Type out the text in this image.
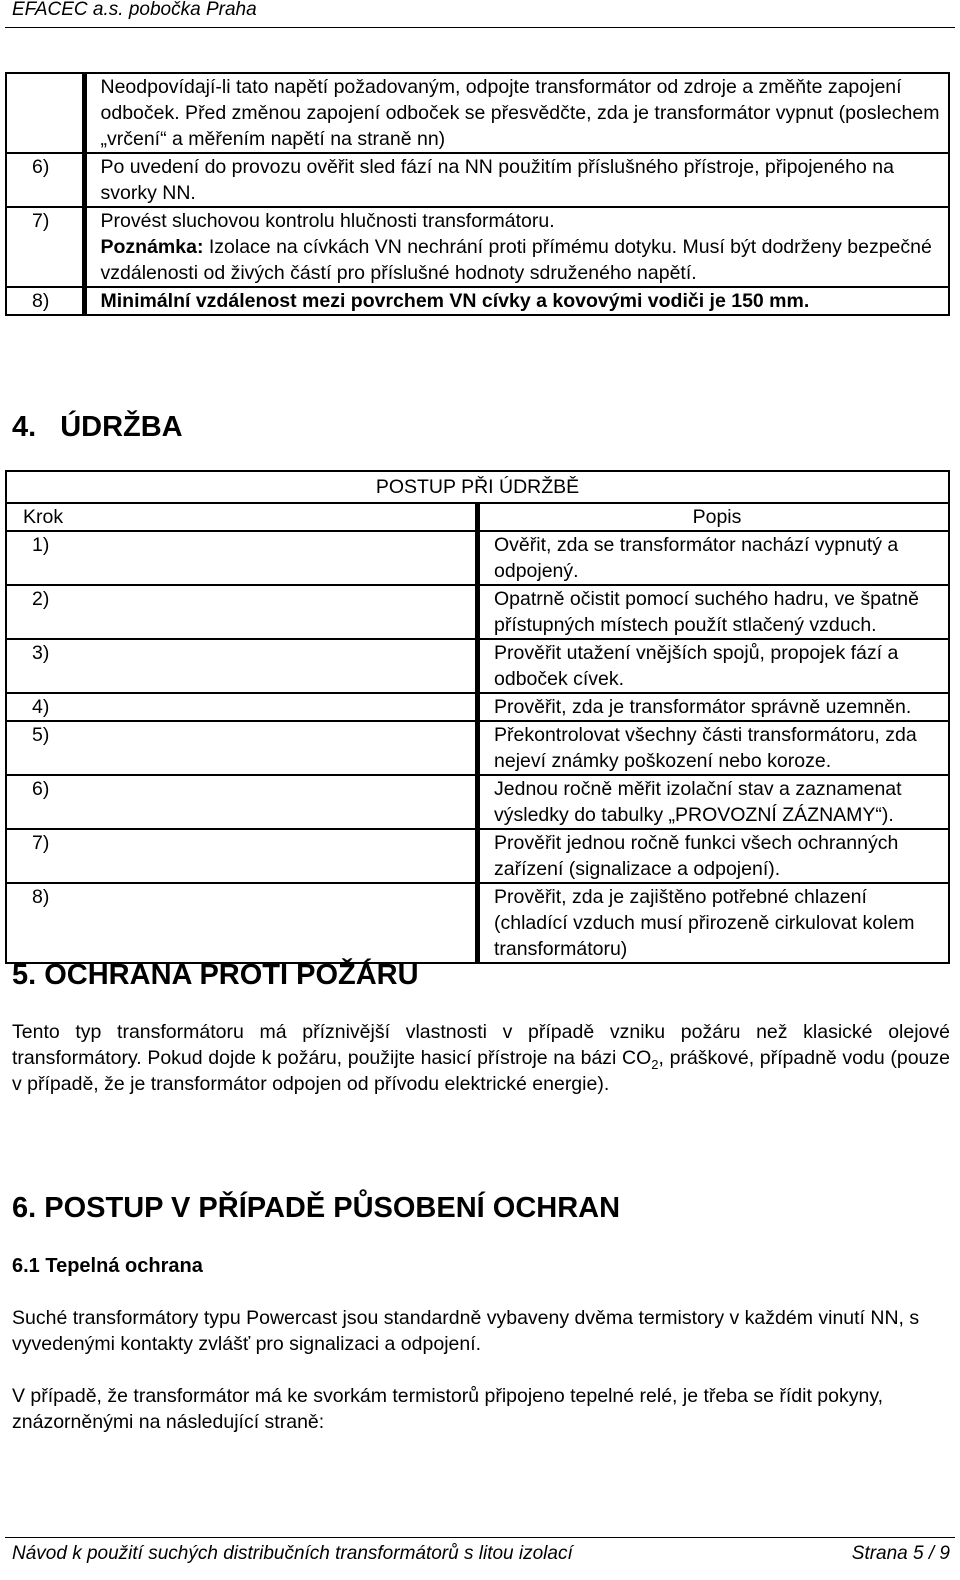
EFACEC a.s. pobočka Praha
	Neodpovídají-li tato napětí požadovaným, odpojte transformátor od zdroje a změňte zapojení odboček. Před změnou zapojení odboček se přesvědčte, zda je transformátor vypnut (poslechem „vrčení“ a měřením napětí na straně nn)
6)	Po uvedení do provozu ověřit sled fází na NN použitím příslušného přístroje, připojeného na svorky NN.
7)	Provést sluchovou kontrolu hlučnosti transformátoru.
Poznámka: Izolace na cívkách VN nechrání proti přímému dotyku. Musí být dodrženy bezpečné vzdálenosti od živých částí pro příslušné hodnoty sdruženého napětí.

8)	Minimální vzdálenost mezi povrchem VN cívky a kovovými vodiči je 150 mm.
4. ÚDRŽBA
POSTUP PŘI ÚDRŽBĚ	
Krok	Popis
1)	Ověřit, zda se transformátor nachází vypnutý a odpojený.
2)	Opatrně očistit pomocí suchého hadru, ve špatně přístupných místech použít stlačený vzduch.
3)	Prověřit utažení vnějších spojů, propojek fází a odboček cívek.
4)	Prověřit, zda je transformátor správně uzemněn.
5)	Překontrolovat všechny části transformátoru, zda nejeví známky poškození nebo koroze.
6)	Jednou ročně měřit izolační stav a zaznamenat výsledky do tabulky „PROVOZNÍ ZÁZNAMY“).
7)	Prověřit jednou ročně funkci všech ochranných zařízení (signalizace a odpojení).
8)	Prověřit, zda je zajištěno potřebné chlazení (chladící vzduch musí přirozeně cirkulovat kolem transformátoru)
5. OCHRANA PROTI POŽÁRU
Tento typ transformátoru má příznivější vlastnosti v případě vzniku požáru než klasické olejové transformátory. Pokud dojde k požáru, použijte hasicí přístroje na bázi $CO_2$, práškové, případně vodu (pouze v případě, že je transformátor odpojen od přívodu elektrické energie).
6. POSTUP V PŘÍPADĚ PŮSOBENÍ OCHRAN
6.1 Tepelná ochrana
Suché transformátory typu Powercast jsou standardně vybaveny dvěma termistory v každém vinutí NN, s vyvedenými kontakty zvlášť pro signalizaci a odpojení.
V případě, že transformátor má ke svorkám termistorů připojeno tepelné relé, je třeba se řídit pokyny, znázorněnými na následující straně:
Návod k použití suchých distribučních transformátorů s litou izolací	Strana 5 / 9
